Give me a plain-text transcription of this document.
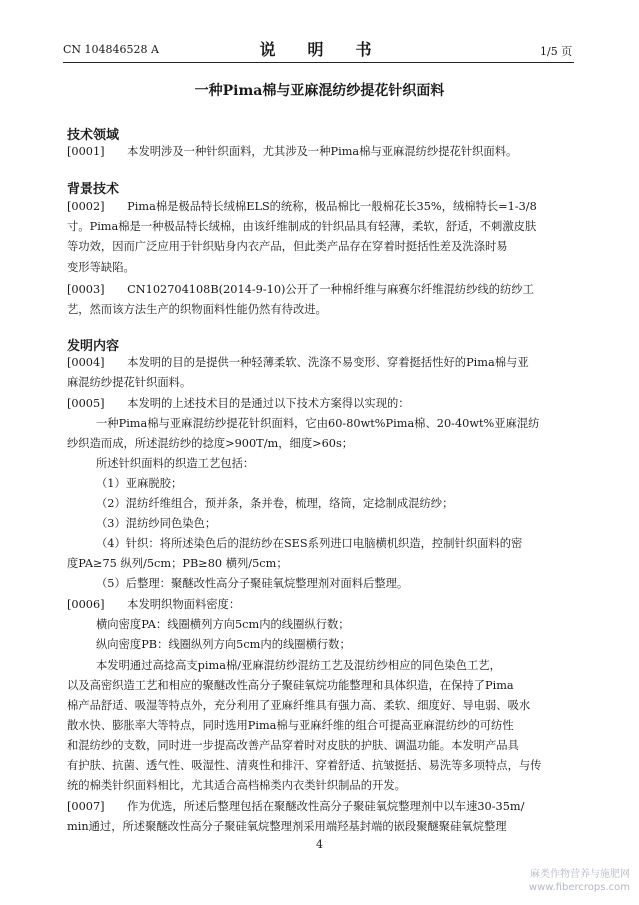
CN 104846528 A	说　明　书	1/5 页
一种Pima棉与亚麻混纺纱提花针织面料
技术领域
[0001]　　本发明涉及一种针织面料，尤其涉及一种Pima棉与亚麻混纺纱提花针织面料。
背景技术
[0002]　　Pima棉是极品特长绒棉ELS的统称，极品棉比一般棉花长35%，绒棉特长=1-3/8
寸。Pima棉是一种极品特长绒棉，由该纤维制成的针织品具有轻薄，柔软，舒适，不刺激皮肤
等功效，因而广泛应用于针织贴身内衣产品，但此类产品存在穿着时挺括性差及洗涤时易
变形等缺陷。
[0003]　　CN102704108B(2014-9-10)公开了一种棉纤维与麻赛尔纤维混纺纱线的纺纱工
艺，然而该方法生产的织物面料性能仍然有待改进。
发明内容
[0004]　　本发明的目的是提供一种轻薄柔软、洗涤不易变形、穿着挺括性好的Pima棉与亚
麻混纺纱提花针织面料。
[0005]　　本发明的上述技术目的是通过以下技术方案得以实现的：
一种Pima棉与亚麻混纺纱提花针织面料，它由60-80wt%Pima棉、20-40wt%亚麻混纺
纱织造而成，所述混纺纱的捻度>900T/m，细度>60s；
所述针织面料的织造工艺包括：
（1）亚麻脱胶；
（2）混纺纤维组合，预并条，条并卷，梳理，络筒，定捻制成混纺纱；
（3）混纺纱同色染色；
（4）针织：将所述染色后的混纺纱在SES系列进口电脑横机织造，控制针织面料的密
度PA≥75 纵列/5cm；PB≥80 横列/5cm；
（5）后整理：聚醚改性高分子聚硅氧烷整理剂对面料后整理。
[0006]　　本发明织物面料密度：
横向密度PA：线圈横列方向5cm内的线圈纵行数；
纵向密度PB：线圈纵列方向5cm内的线圈横行数；
本发明通过高捻高支pima棉/亚麻混纺纱混纺工艺及混纺纱相应的同色染色工艺，
以及高密织造工艺和相应的聚醚改性高分子聚硅氧烷功能整理和具体织造，在保持了Pima
棉产品舒适、吸湿等特点外，充分利用了亚麻纤维具有强力高、柔软、细度好、导电弱、吸水
散水快、膨胀率大等特点，同时选用Pima棉与亚麻纤维的组合可提高亚麻混纺纱的可纺性
和混纺纱的支数，同时进一步提高改善产品穿着时对皮肤的护肤、调温功能。本发明产品具
有护肤、抗菌、透气性、吸湿性、清爽性和排汗、穿着舒适、抗皱挺括、易洗等多项特点，与传
统的棉类针织面料相比，尤其适合高档棉类内衣类针织制品的开发。
[0007]　　作为优选，所述后整理包括在聚醚改性高分子聚硅氧烷整理剂中以车速30-35m/
min通过，所述聚醚改性高分子聚硅氧烷整理剂采用端羟基封端的嵌段聚醚聚硅氧烷整理
4
麻类作物营养与施肥网
www.fibercrops.com
